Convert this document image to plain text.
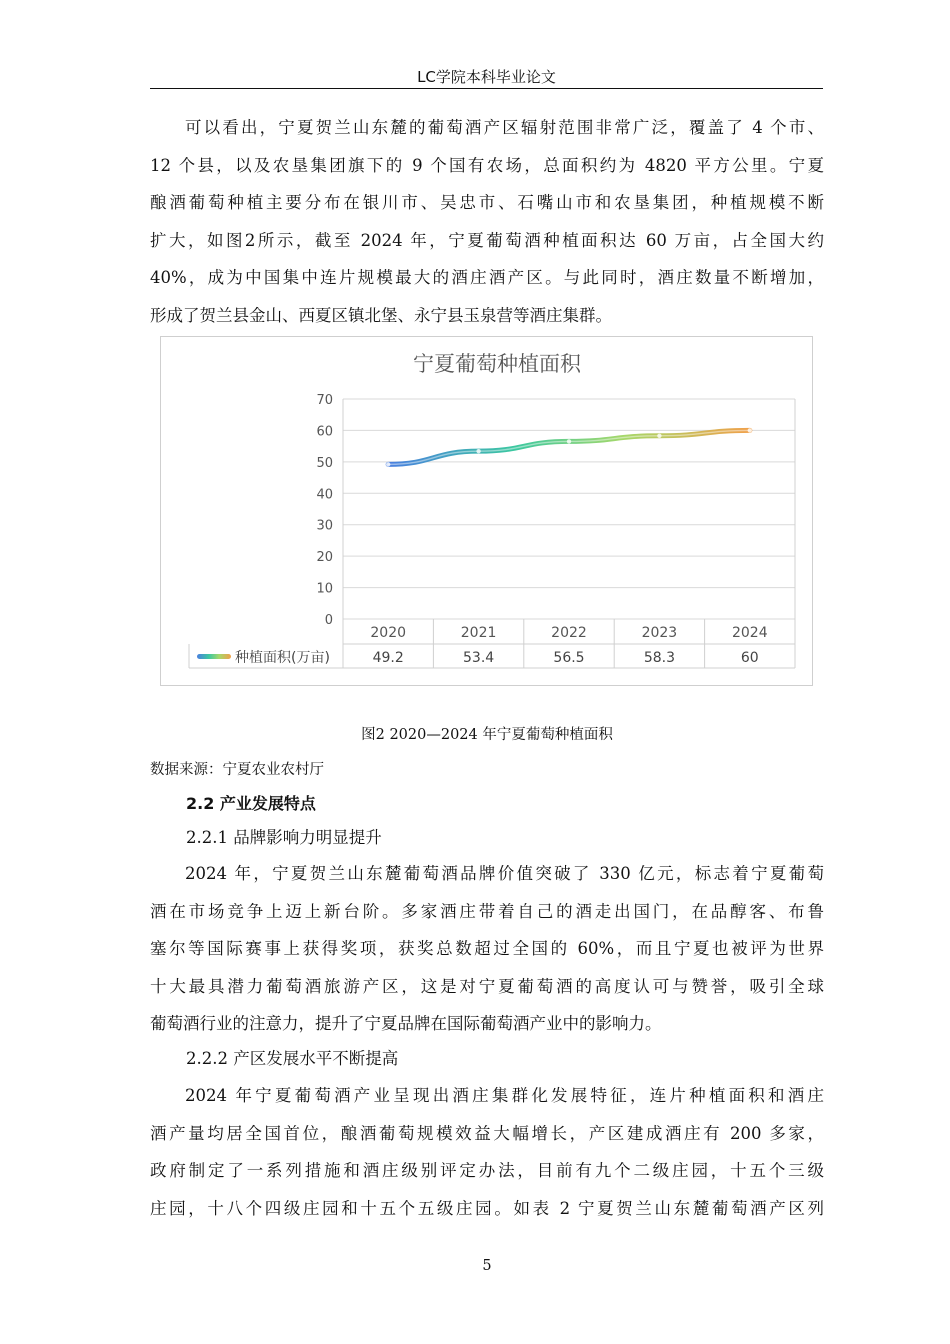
LC学院本科毕业论文
可以看出，宁夏贺兰山东麓的葡萄酒产区辐射范围非常广泛，覆盖了 4 个市、
12 个县，以及农垦集团旗下的 9 个国有农场，总面积约为 4820 平方公里。宁夏
酿酒葡萄种植主要分布在银川市、吴忠市、石嘴山市和农垦集团，种植规模不断
扩大，如图2所示，截至 2024 年，宁夏葡萄酒种植面积达 60 万亩，占全国大约
40%，成为中国集中连片规模最大的酒庄酒产区。与此同时，酒庄数量不断增加，
形成了贺兰县金山、西夏区镇北堡、永宁县玉泉营等酒庄集群。
宁夏葡萄种植面积
0
10
20
30
40
50
60
70
2020	2021	2022	2023	2024
49.2	53.4	56.5	58.3	60
种植面积(万亩)
图2 2020—2024 年宁夏葡萄种植面积
数据来源：宁夏农业农村厅
2.2 产业发展特点
2.2.1 品牌影响力明显提升
2024 年，宁夏贺兰山东麓葡萄酒品牌价值突破了 330 亿元，标志着宁夏葡萄
酒在市场竞争上迈上新台阶。多家酒庄带着自己的酒走出国门，在品醇客、布鲁
塞尔等国际赛事上获得奖项，获奖总数超过全国的 60%，而且宁夏也被评为世界
十大最具潜力葡萄酒旅游产区，这是对宁夏葡萄酒的高度认可与赞誉，吸引全球
葡萄酒行业的注意力，提升了宁夏品牌在国际葡萄酒产业中的影响力。
2.2.2 产区发展水平不断提高
2024 年宁夏葡萄酒产业呈现出酒庄集群化发展特征，连片种植面积和酒庄
酒产量均居全国首位，酿酒葡萄规模效益大幅增长，产区建成酒庄有 200 多家，
政府制定了一系列措施和酒庄级别评定办法，目前有九个二级庄园，十五个三级
庄园，十八个四级庄园和十五个五级庄园。如表 2 宁夏贺兰山东麓葡萄酒产区列
5
